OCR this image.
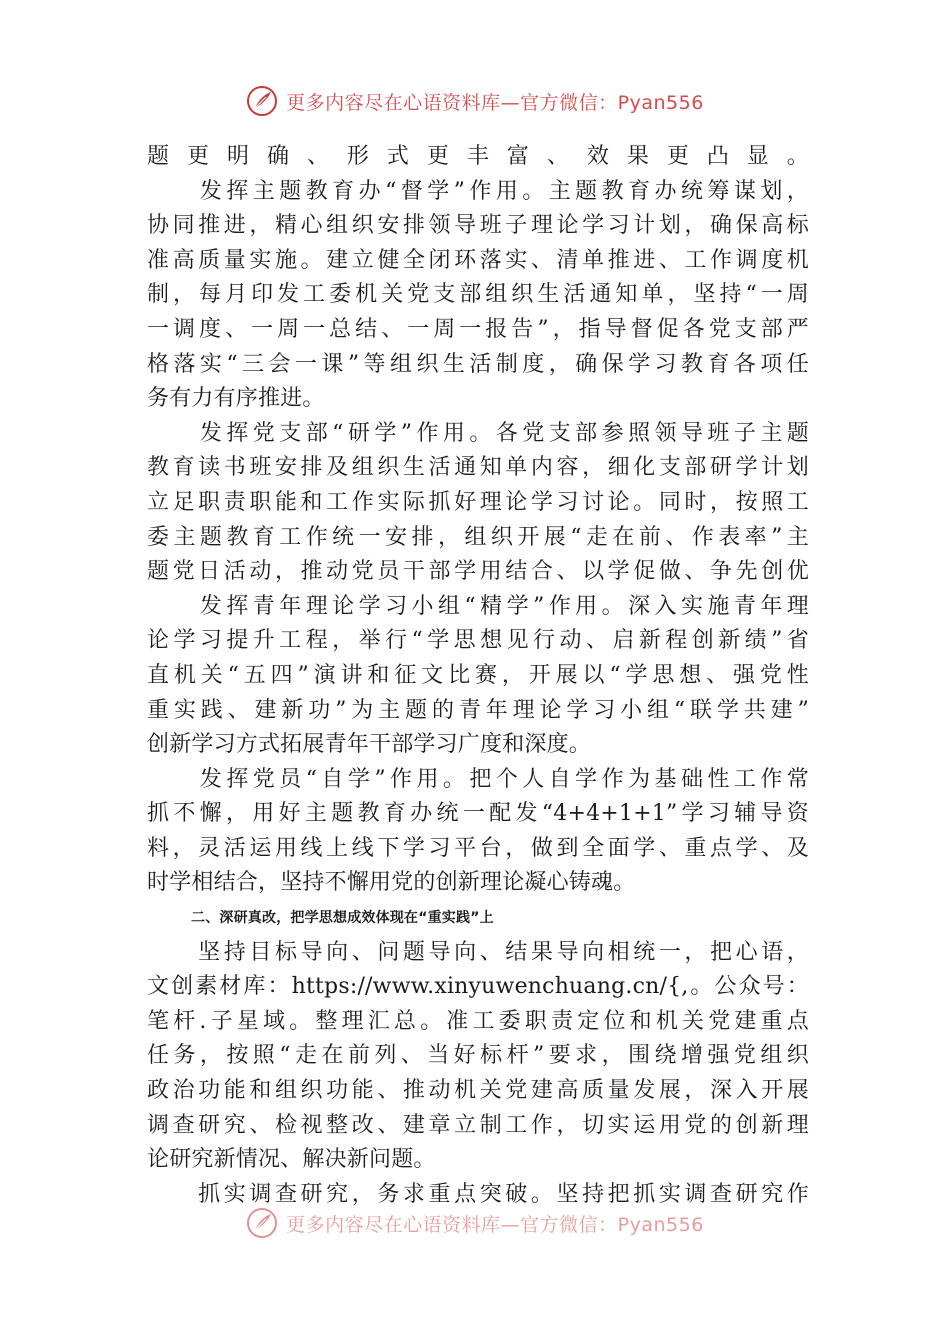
更多内容尽在心语资料库—官方微信：Pyan556
题更明确、形式更丰富、效果更凸显。
　　发挥主题教育办“督学”作用。主题教育办统筹谋划，
协同推进，精心组织安排领导班子理论学习计划，确保高标
准高质量实施。建立健全闭环落实、清单推进、工作调度机
制，每月印发工委机关党支部组织生活通知单，坚持“一周
一调度、一周一总结、一周一报告”，指导督促各党支部严
格落实“三会一课”等组织生活制度，确保学习教育各项任
务有力有序推进。
　　发挥党支部“研学”作用。各党支部参照领导班子主题
教育读书班安排及组织生活通知单内容，细化支部研学计划
立足职责职能和工作实际抓好理论学习讨论。同时，按照工
委主题教育工作统一安排，组织开展“走在前、作表率”主
题党日活动，推动党员干部学用结合、以学促做、争先创优
　　发挥青年理论学习小组“精学”作用。深入实施青年理
论学习提升工程，举行“学思想见行动、启新程创新绩”省
直机关“五四”演讲和征文比赛，开展以“学思想、强党性
重实践、建新功”为主题的青年理论学习小组“联学共建”
创新学习方式拓展青年干部学习广度和深度。
　　发挥党员“自学”作用。把个人自学作为基础性工作常
抓不懈，用好主题教育办统一配发“4+4+1+1”学习辅导资
料，灵活运用线上线下学习平台，做到全面学、重点学、及
时学相结合，坚持不懈用党的创新理论凝心铸魂。
二、深研真改，把学思想成效体现在“重实践”上
　　坚持目标导向、问题导向、结果导向相统一，把心语，
文创素材库：https://www.xinyuwenchuang.cn/{,。公众号：
笔杆.子星域。整理汇总。准工委职责定位和机关党建重点
任务，按照“走在前列、当好标杆”要求，围绕增强党组织
政治功能和组织功能、推动机关党建高质量发展，深入开展
调查研究、检视整改、建章立制工作，切实运用党的创新理
论研究新情况、解决新问题。
　　抓实调查研究，务求重点突破。坚持把抓实调查研究作
更多内容尽在心语资料库—官方微信：Pyan556
